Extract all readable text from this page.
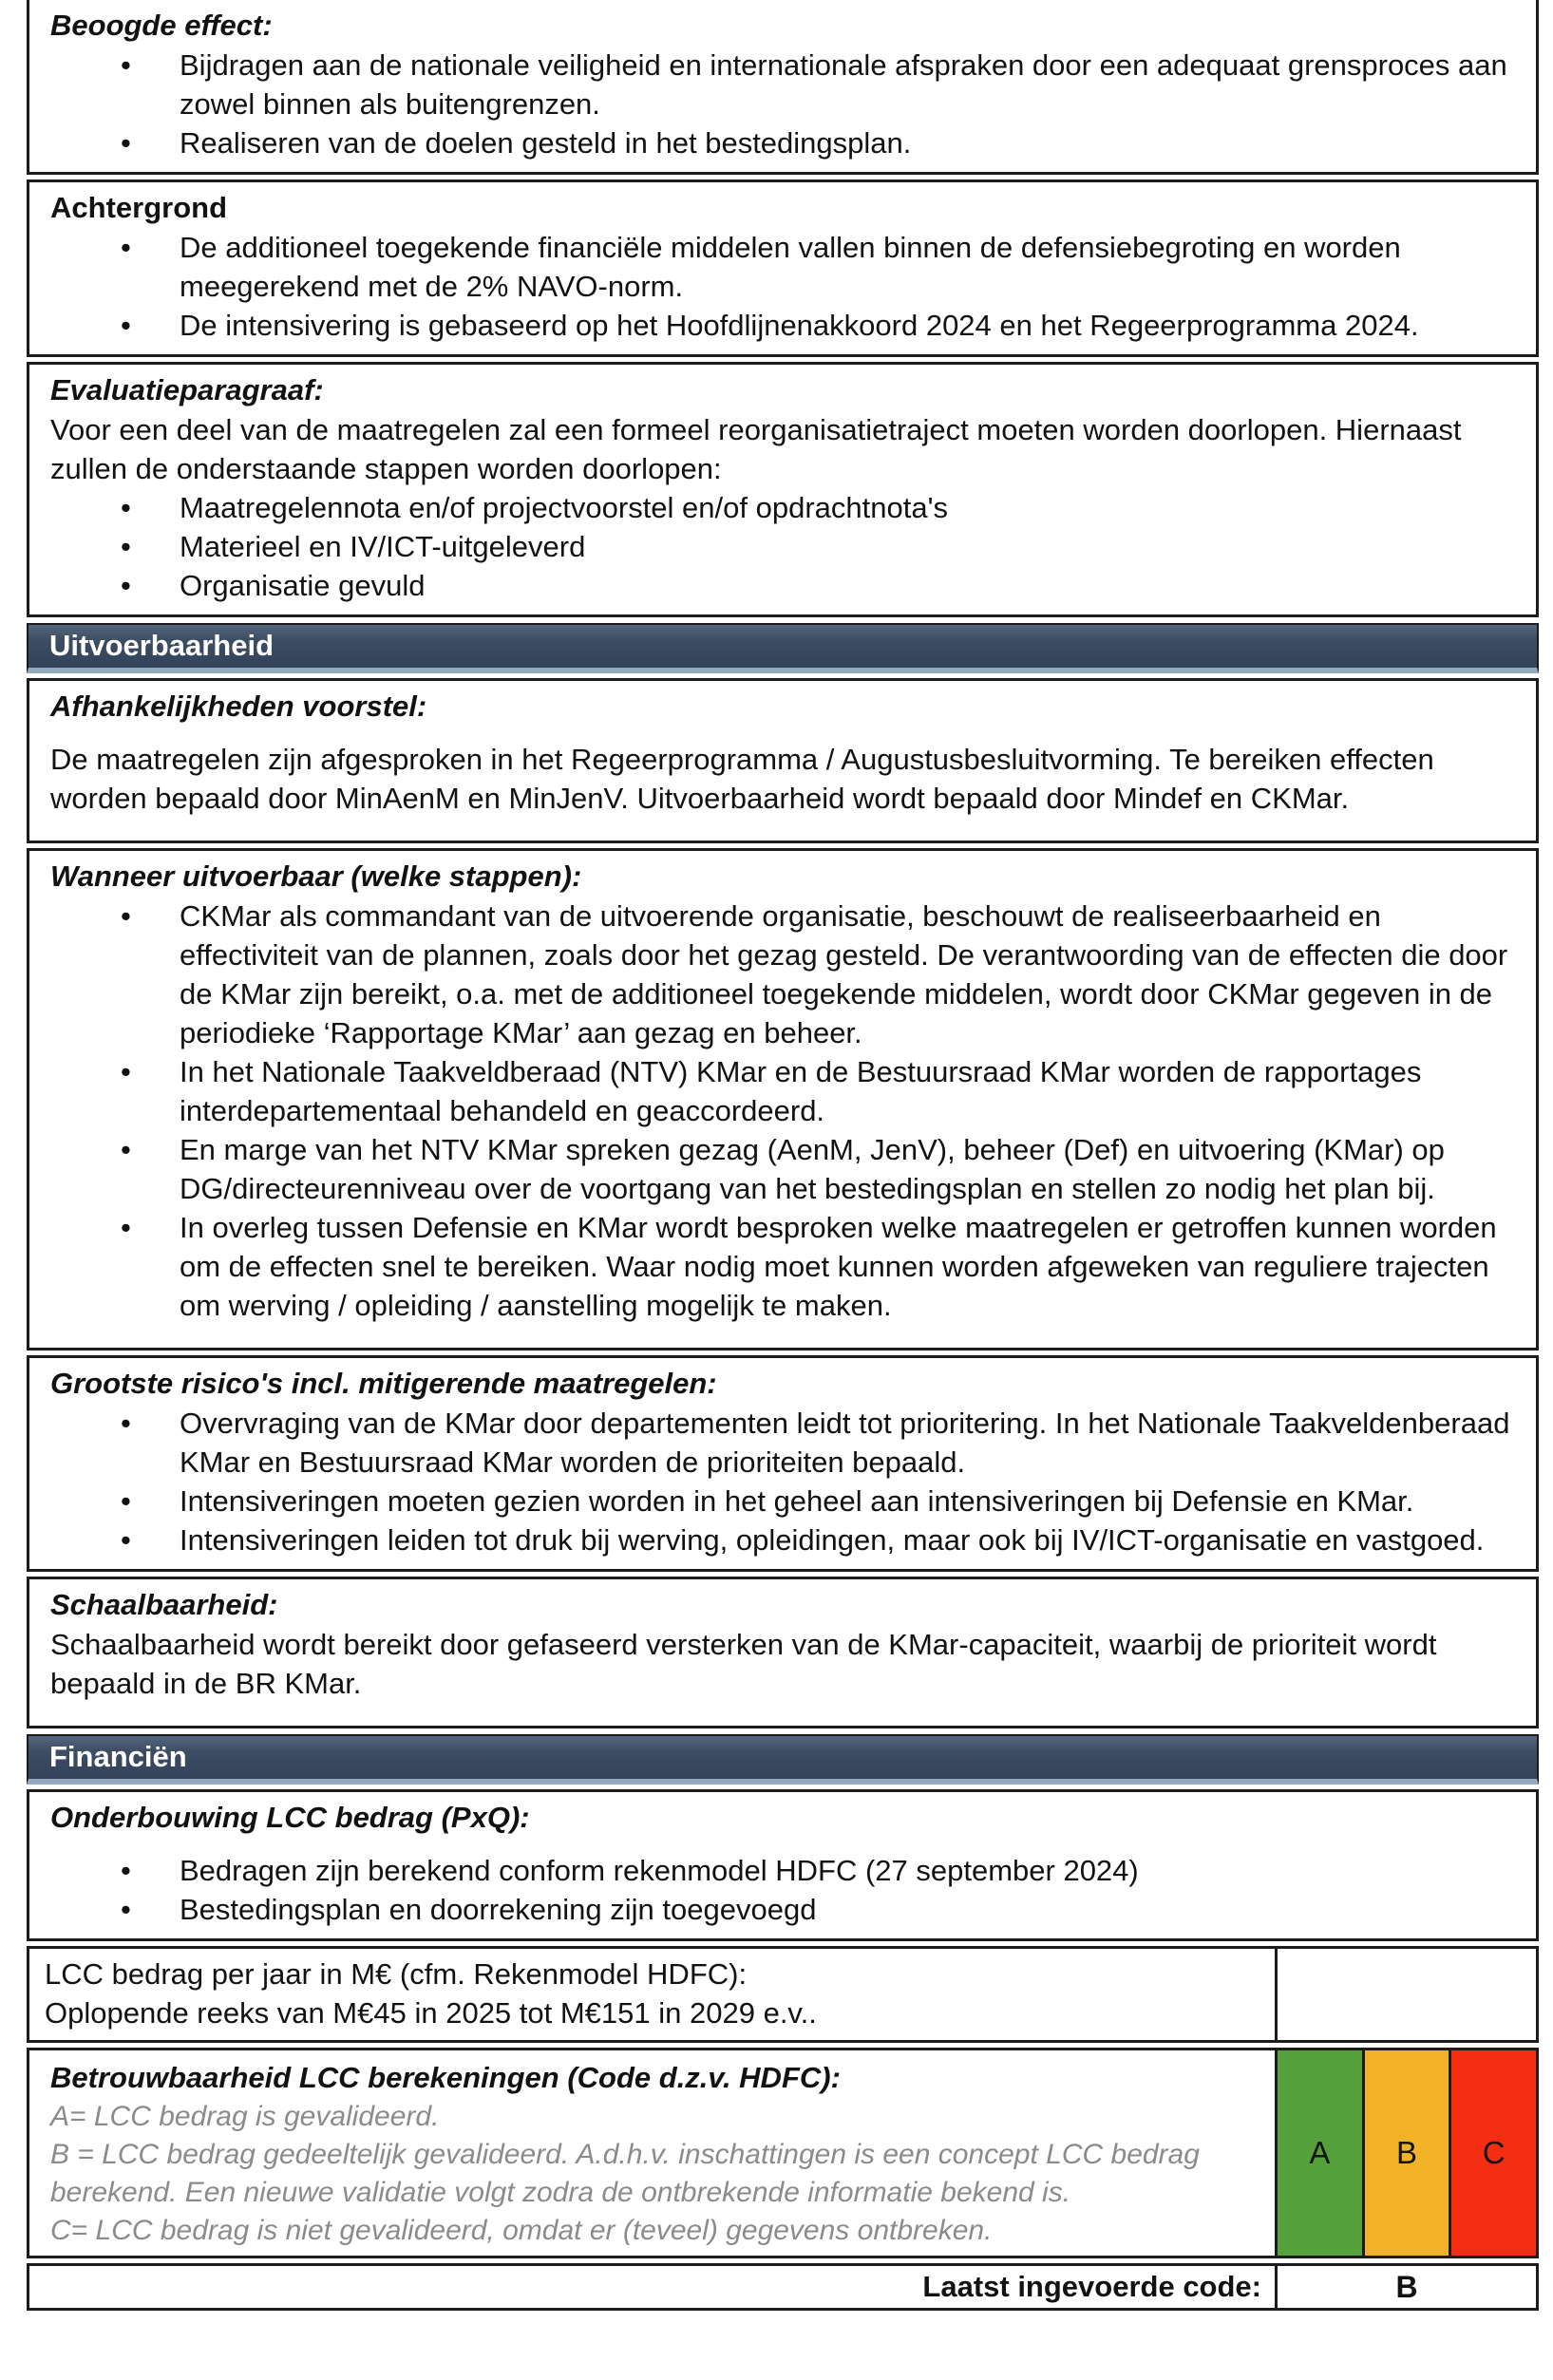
Beoogde effect:
• Bijdragen aan de nationale veiligheid en internationale afspraken door een adequaat grensproces aan zowel binnen als buitengrenzen.
• Realiseren van de doelen gesteld in het bestedingsplan.
Achtergrond
• De additioneel toegekende financiële middelen vallen binnen de defensiebegroting en worden meegerekend met de 2% NAVO-norm.
• De intensivering is gebaseerd op het Hoofdlijnenakkoord 2024 en het Regeerprogramma 2024.
Evaluatieparagraaf:
Voor een deel van de maatregelen zal een formeel reorganisatietraject moeten worden doorlopen. Hiernaast zullen de onderstaande stappen worden doorlopen:
• Maatregelennota en/of projectvoorstel en/of opdrachtnota's
• Materieel en IV/ICT-uitgeleverd
• Organisatie gevuld
Uitvoerbaarheid
Afhankelijkheden voorstel:
De maatregelen zijn afgesproken in het Regeerprogramma / Augustusbesluitvorming. Te bereiken effecten worden bepaald door MinAenM en MinJenV. Uitvoerbaarheid wordt bepaald door Mindef en CKMar.
Wanneer uitvoerbaar (welke stappen):
• CKMar als commandant van de uitvoerende organisatie, beschouwt de realiseerbaarheid en effectiviteit van de plannen, zoals door het gezag gesteld. De verantwoording van de effecten die door de KMar zijn bereikt, o.a. met de additioneel toegekende middelen, wordt door CKMar gegeven in de periodieke ‘Rapportage KMar’ aan gezag en beheer.
• In het Nationale Taakveldberaad (NTV) KMar en de Bestuursraad KMar worden de rapportages interdepartementaal behandeld en geaccordeerd.
• En marge van het NTV KMar spreken gezag (AenM, JenV), beheer (Def) en uitvoering (KMar) op DG/directeurenniveau over de voortgang van het bestedingsplan en stellen zo nodig het plan bij.
• In overleg tussen Defensie en KMar wordt besproken welke maatregelen er getroffen kunnen worden om de effecten snel te bereiken. Waar nodig moet kunnen worden afgeweken van reguliere trajecten om werving / opleiding / aanstelling mogelijk te maken.
Grootste risico's incl. mitigerende maatregelen:
• Overvraging van de KMar door departementen leidt tot prioritering. In het Nationale Taakveldenberaad KMar en Bestuursraad KMar worden de prioriteiten bepaald.
• Intensiveringen moeten gezien worden in het geheel aan intensiveringen bij Defensie en KMar.
• Intensiveringen leiden tot druk bij werving, opleidingen, maar ook bij IV/ICT-organisatie en vastgoed.
Schaalbaarheid:
Schaalbaarheid wordt bereikt door gefaseerd versterken van de KMar-capaciteit, waarbij de prioriteit wordt bepaald in de BR KMar.
Financiën
Onderbouwing LCC bedrag (PxQ):
• Bedragen zijn berekend conform rekenmodel HDFC (27 september 2024)
• Bestedingsplan en doorrekening zijn toegevoegd
LCC bedrag per jaar in M€ (cfm. Rekenmodel HDFC):
Oplopende reeks van M€45 in 2025 tot M€151 in 2029 e.v..
Betrouwbaarheid LCC berekeningen (Code d.z.v. HDFC):
A= LCC bedrag is gevalideerd.
B = LCC bedrag gedeeltelijk gevalideerd. A.d.h.v. inschattingen is een concept LCC bedrag berekend. Een nieuwe validatie volgt zodra de ontbrekende informatie bekend is.
C= LCC bedrag is niet gevalideerd, omdat er (teveel) gegevens ontbreken.
A	B	C
Laatst ingevoerde code:	B
